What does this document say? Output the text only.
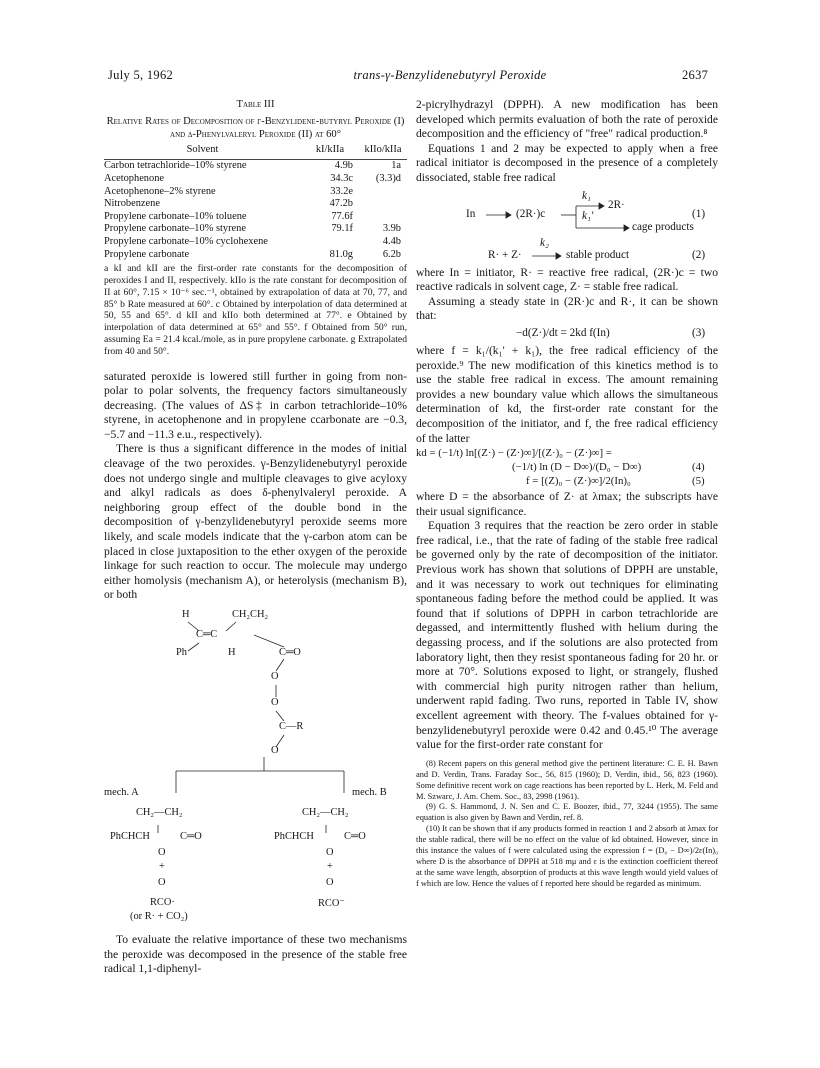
July 5, 1962	trans-γ-Benzylidenebutyryl Peroxide	2637
Table III
Relative Rates of Decomposition of γ-Benzylidene-butyryl Peroxide (I) and δ-Phenylvaleryl Peroxide (II) at 60°
Solvent	kI/kIIa	kIIo/kIIa

Carbon tetrachloride–10% styrene	4.9b	1a
Acetophenone	34.3c	(3.3)d
Acetophenone–2% styrene	33.2e	
Nitrobenzene	47.2b	
Propylene carbonate–10% toluene	77.6f	
Propylene carbonate–10% styrene	79.1f	3.9b
Propylene carbonate–10% cyclohexene		4.4b
Propylene carbonate	81.0g	6.2b
a kI and kII are the first-order rate constants for the decomposition of peroxides I and II, respectively. kIIo is the rate constant for decomposition of II at 60°, 7.15 × 10⁻⁶ sec.⁻¹, obtained by extrapolation of data at 70, 77, and 85° b Rate measured at 60°. c Obtained by interpolation of data determined at 50, 55 and 65°. d kII and kIIo both determined at 77°. e Obtained by interpolation of data determined at 65° and 55°. f Obtained from 50° run, assuming Ea = 21.4 kcal./mole, as in pure propylene carbonate. g Extrapolated from 40 and 50°.

saturated peroxide is lowered still further in going from non-polar to polar solvents, the frequency factors simultaneously decreasing. (The values of ΔS‡ in carbon tetrachloride–10% styrene, in acetophenone and in propylene ccarbonate are −0.3, −5.7 and −11.3 e.u., respectively).

There is thus a significant difference in the modes of initial cleavage of the two peroxides. γ-Benzylidenebutyryl peroxide does not undergo single and multiple cleavages to give acyloxy and alkyl radicals as does δ-phenylvaleryl peroxide. A neighboring group effect of the double bond in the decomposition of γ-benzylidenebutyryl peroxide seems more likely, and scale models indicate that the γ-carbon atom can be placed in close juxtaposition to the ether oxygen of the peroxide linkage for such reaction to occur. The molecule may undergo either homolysis (mechanism A), or heterolysis (mechanism B), or both

H	CH₂CH₂
C═C
Ph	H	C═O
O
O
C—R
O
mech. A	mech. B
CH₂—CH₂	CH₂—CH₂
PhCHCH	C═O	PhCHCH	C═O
O
+
O
RCO·
(or R· + CO₂)
O
+
O
RCO⁻

To evaluate the relative importance of these two mechanisms the peroxide was decomposed in the presence of the stable free radical 1,1-diphenyl-

2-picrylhydrazyl (DPPH). A new modification has been developed which permits evaluation of both the rate of peroxide decomposition and the efficiency of "free" radical production.⁸

Equations 1 and 2 may be expected to apply when a free radical initiator is decomposed in the presence of a completely dissociated, stable free radical

In	(2R·)c
k₁
k₁'
2R·
cage products
(1)
R· + Z·
k₂
stable product	(2)

where In = initiator, R· = reactive free radical, (2R·)c = two reactive radicals in solvent cage, Z· = stable free radical.

Assuming a steady state in (2R·)c and R·, it can be shown that:

−d(Z·)/dt = 2kd f(In)	(3)

where f = k₁/(k₁' + k₁), the free radical efficiency of the peroxide.⁹ The new modification of this kinetics method is to use the stable free radical in excess. The amount remaining provides a new boundary value which allows the simultaneous determination of kd, the first-order rate constant for the decomposition of the initiator, and f, the free radical efficiency of the latter

kd = (−1/t) ln[(Z·) − (Z·)∞]/[(Z·)₀ − (Z·)∞] =
(−1/t) ln (D − D∞)/(D₀ − D∞)	(4)
f = [(Z)₀ − (Z·)∞]/2(In)₀	(5)

where D = the absorbance of Z· at λmax; the subscripts have their usual significance.

Equation 3 requires that the reaction be zero order in stable free radical, i.e., that the rate of fading of the stable free radical be governed only by the rate of decomposition of the initiator. Previous work has shown that solutions of DPPH are unstable, and it was necessary to work out techniques for eliminating spontaneous fading before the method could be applied. It was found that if solutions of DPPH in carbon tetrachloride are degassed, and intermittently flushed with helium during the degassing process, and if the solutions are also protected from laboratory light, then they resist spontaneous fading for 20 hr. or more at 70°. Solutions exposed to light, or strangely, flushed with commercial high purity nitrogen rather than helium, underwent rapid fading. Two runs, reported in Table IV, show excellent agreement with theory. The f-values obtained for γ-benzylidenebutyryl peroxide were 0.42 and 0.45.¹⁰ The average value for the first-order rate constant for

(8) Recent papers on this general method give the pertinent literature: C. E. H. Bawn and D. Verdin, Trans. Faraday Soc., 56, 815 (1960); D. Verdin, ibid., 56, 823 (1960). Some definitive recent work on cage reactions has been reported by L. Herk, M. Feld and M. Szwarc, J. Am. Chem. Soc., 83, 2998 (1961).

(9) G. S. Hammond, J. N. Sen and C. E. Boozer, ibid., 77, 3244 (1955). The same equation is also given by Bawn and Verdin, ref. 8.

(10) It can be shown that if any products formed in reaction 1 and 2 absorb at λmax for the stable radical, there will be no effect on the value of kd obtained. However, since in this instance the values of f were calculated using the expression f = (D₀ − D∞)/2ε(In)₀ where D is the absorbance of DPPH at 518 mμ and ε is the extinction coefficient thereof at the same wave length, absorption of products at this wave length would yield values of f which are low. Hence the values of f reported here should be regarded as minimum.
